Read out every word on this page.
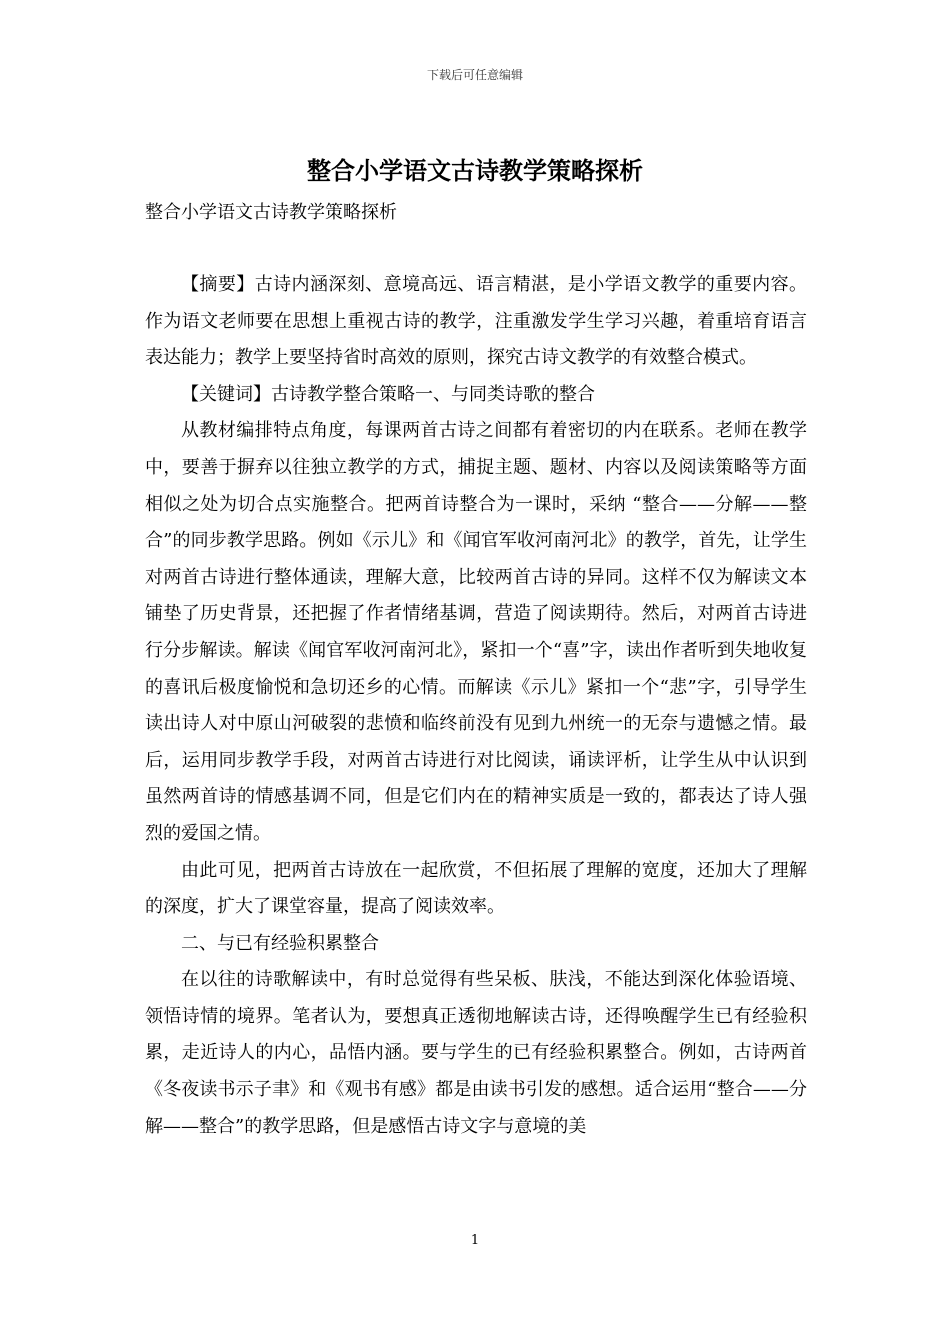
下载后可任意编辑
整合小学语文古诗教学策略探析
整合小学语文古诗教学策略探析

【摘要】古诗内涵深刻、意境高远、语言精湛，是小学语文教学的重要内容。作为语文老师要在思想上重视古诗的教学，注重激发学生学习兴趣，着重培育语言表达能力；教学上要坚持省时高效的原则，探究古诗文教学的有效整合模式。

【关键词】古诗教学整合策略一、与同类诗歌的整合

从教材编排特点角度，每课两首古诗之间都有着密切的内在联系。老师在教学中，要善于摒弃以往独立教学的方式，捕捉主题、题材、内容以及阅读策略等方面相似之处为切合点实施整合。把两首诗整合为一课时，采纳 “整合——分解——整合”的同步教学思路。例如《示儿》和《闻官军收河南河北》的教学，首先，让学生对两首古诗进行整体通读，理解大意，比较两首古诗的异同。这样不仅为解读文本铺垫了历史背景，还把握了作者情绪基调，营造了阅读期待。然后，对两首古诗进行分步解读。解读《闻官军收河南河北》，紧扣一个“喜”字，读出作者听到失地收复的喜讯后极度愉悦和急切还乡的心情。而解读《示儿》紧扣一个“悲”字，引导学生读出诗人对中原山河破裂的悲愤和临终前没有见到九州统一的无奈与遗憾之情。最后，运用同步教学手段，对两首古诗进行对比阅读，诵读评析，让学生从中认识到虽然两首诗的情感基调不同，但是它们内在的精神实质是一致的，都表达了诗人强烈的爱国之情。

由此可见，把两首古诗放在一起欣赏，不但拓展了理解的宽度，还加大了理解的深度，扩大了课堂容量，提高了阅读效率。

二、与已有经验积累整合

在以往的诗歌解读中，有时总觉得有些呆板、肤浅，不能达到深化体验语境、领悟诗情的境界。笔者认为，要想真正透彻地解读古诗，还得唤醒学生已有经验积累，走近诗人的内心，品悟内涵。要与学生的已有经验积累整合。例如，古诗两首《冬夜读书示子聿》和《观书有感》都是由读书引发的感想。适合运用“整合——分解——整合”的教学思路，但是感悟古诗文字与意境的美

1
